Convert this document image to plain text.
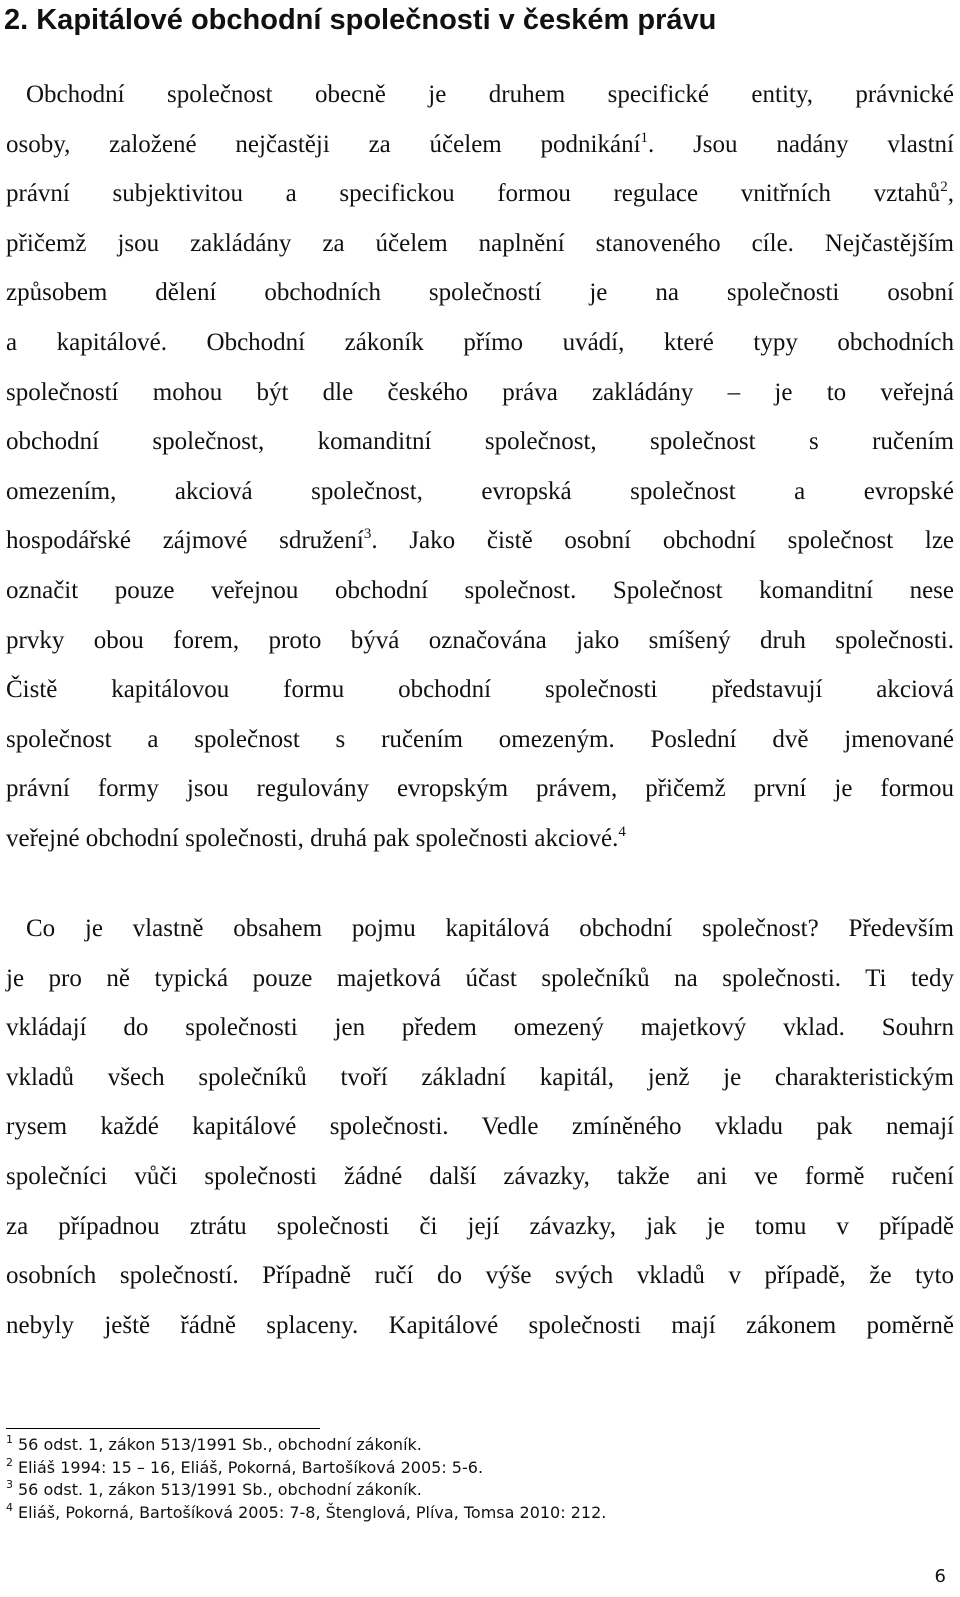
2. Kapitálové obchodní společnosti v českém právu
Obchodní společnost obecně je druhem specifické entity, právnické
osoby, založené nejčastěji za účelem podnikání$^1$. Jsou nadány vlastní
právní subjektivitou a specifickou formou regulace vnitřních vztahů$^2$,
přičemž jsou zakládány za účelem naplnění stanoveného cíle. Nejčastějším
způsobem dělení obchodních společností je na společnosti osobní
a kapitálové. Obchodní zákoník přímo uvádí, které typy obchodních
společností mohou být dle českého práva zakládány – je to veřejná
obchodní společnost, komanditní společnost, společnost s ručením
omezením, akciová společnost, evropská společnost a evropské
hospodářské zájmové sdružení$^3$. Jako čistě osobní obchodní společnost lze
označit pouze veřejnou obchodní společnost. Společnost komanditní nese
prvky obou forem, proto bývá označována jako smíšený druh společnosti.
Čistě kapitálovou formu obchodní společnosti představují akciová
společnost a společnost s ručením omezeným. Poslední dvě jmenované
právní formy jsou regulovány evropským právem, přičemž první je formou
veřejné obchodní společnosti, druhá pak společnosti akciové.$^4$
Co je vlastně obsahem pojmu kapitálová obchodní společnost? Především
je pro ně typická pouze majetková účast společníků na společnosti. Ti tedy
vkládají do společnosti jen předem omezený majetkový vklad. Souhrn
vkladů všech společníků tvoří základní kapitál, jenž je charakteristickým
rysem každé kapitálové společnosti. Vedle zmíněného vkladu pak nemají
společníci vůči společnosti žádné další závazky, takže ani ve formě ručení
za případnou ztrátu společnosti či její závazky, jak je tomu v případě
osobních společností. Případně ručí do výše svých vkladů v případě, že tyto
nebyly ještě řádně splaceny. Kapitálové společnosti mají zákonem poměrně
$^1$ 56 odst. 1, zákon 513/1991 Sb., obchodní zákoník.
$^2$ Eliáš 1994: 15 – 16, Eliáš, Pokorná, Bartošíková 2005: 5-6.
$^3$ 56 odst. 1, zákon 513/1991 Sb., obchodní zákoník.
$^4$ Eliáš, Pokorná, Bartošíková 2005: 7-8, Štenglová, Plíva, Tomsa 2010: 212.
6
